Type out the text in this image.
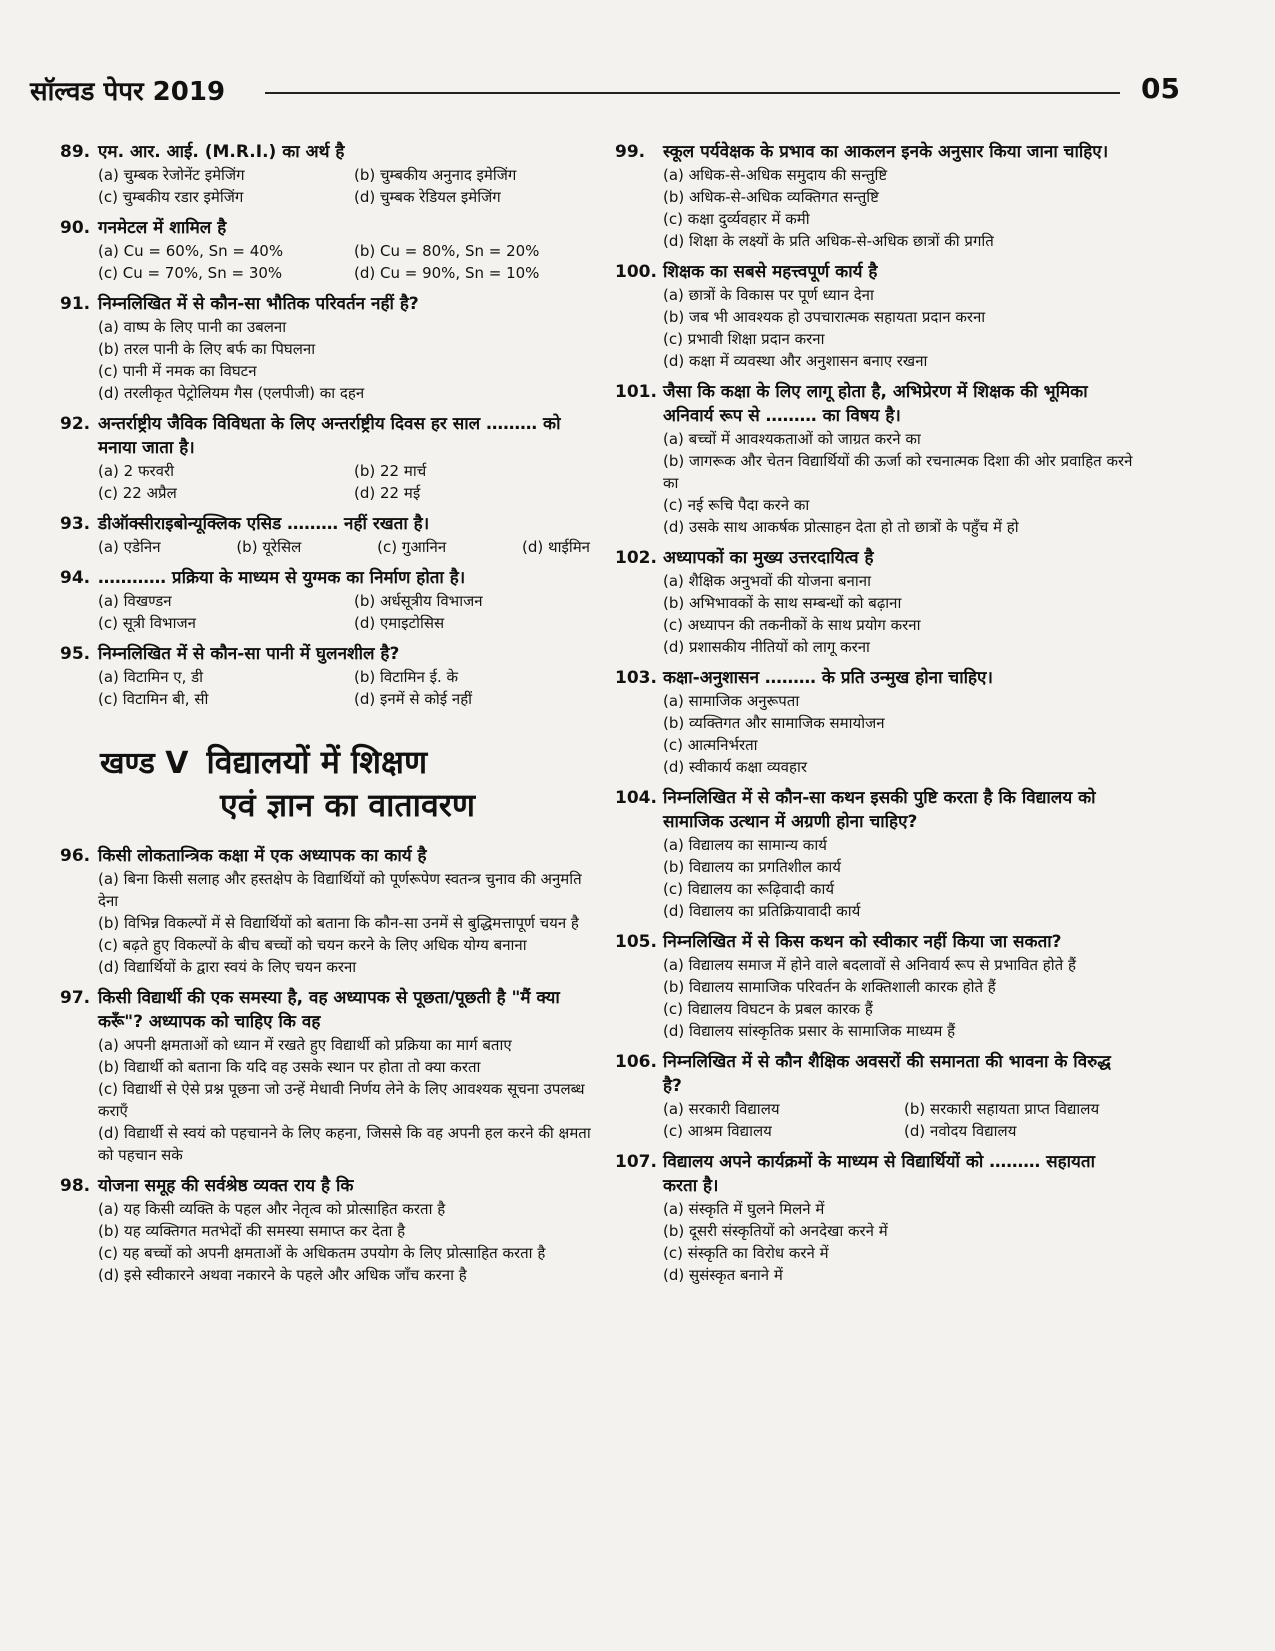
सॉल्वड पेपर 2019	05
89. एम. आर. आई. (M.R.I.) का अर्थ है
(a) चुम्बक रेजोनेंट इमेजिंग	(b) चुम्बकीय अनुनाद इमेजिंग
(c) चुम्बकीय रडार इमेजिंग	(d) चुम्बक रेडियल इमेजिंग
90. गनमेटल में शामिल है
(a) Cu = 60%, Sn = 40%	(b) Cu = 80%, Sn = 20%
(c) Cu = 70%, Sn = 30%	(d) Cu = 90%, Sn = 10%
91. निम्नलिखित में से कौन-सा भौतिक परिवर्तन नहीं है?
(a) वाष्प के लिए पानी का उबलना
(b) तरल पानी के लिए बर्फ का पिघलना
(c) पानी में नमक का विघटन
(d) तरलीकृत पेट्रोलियम गैस (एलपीजी) का दहन
92. अन्तर्राष्ट्रीय जैविक विविधता के लिए अन्तर्राष्ट्रीय दिवस हर साल ……… को मनाया जाता है।
(a) 2 फरवरी	(b) 22 मार्च
(c) 22 अप्रैल	(d) 22 मई
93. डीऑक्सीराइबोन्यूक्लिक एसिड ……… नहीं रखता है।
(a) एडेनिन	(b) यूरेसिल	(c) गुआनिन	(d) थाईमिन
94. ………… प्रक्रिया के माध्यम से युग्मक का निर्माण होता है।
(a) विखण्डन	(b) अर्धसूत्रीय विभाजन
(c) सूत्री विभाजन	(d) एमाइटोसिस
95. निम्नलिखित में से कौन-सा पानी में घुलनशील है?
(a) विटामिन ए, डी	(b) विटामिन ई. के
(c) विटामिन बी, सी	(d) इनमें से कोई नहीं
खण्ड V विद्यालयों में शिक्षण
एवं ज्ञान का वातावरण
96. किसी लोकतान्त्रिक कक्षा में एक अध्यापक का कार्य है
(a) बिना किसी सलाह और हस्तक्षेप के विद्यार्थियों को पूर्णरूपेण स्वतन्त्र चुनाव की अनुमति देना
(b) विभिन्न विकल्पों में से विद्यार्थियों को बताना कि कौन-सा उनमें से बुद्धिमत्तापूर्ण चयन है
(c) बढ़ते हुए विकल्पों के बीच बच्चों को चयन करने के लिए अधिक योग्य बनाना
(d) विद्यार्थियों के द्वारा स्वयं के लिए चयन करना
97. किसी विद्यार्थी की एक समस्या है, वह अध्यापक से पूछता/पूछती है "मैं क्या करूँ"? अध्यापक को चाहिए कि वह
(a) अपनी क्षमताओं को ध्यान में रखते हुए विद्यार्थी को प्रक्रिया का मार्ग बताए
(b) विद्यार्थी को बताना कि यदि वह उसके स्थान पर होता तो क्या करता
(c) विद्यार्थी से ऐसे प्रश्न पूछना जो उन्हें मेधावी निर्णय लेने के लिए आवश्यक सूचना उपलब्ध कराएँ
(d) विद्यार्थी से स्वयं को पहचानने के लिए कहना, जिससे कि वह अपनी हल करने की क्षमता को पहचान सके
98. योजना समूह की सर्वश्रेष्ठ व्यक्त राय है कि
(a) यह किसी व्यक्ति के पहल और नेतृत्व को प्रोत्साहित करता है
(b) यह व्यक्तिगत मतभेदों की समस्या समाप्त कर देता है
(c) यह बच्चों को अपनी क्षमताओं के अधिकतम उपयोग के लिए प्रोत्साहित करता है
(d) इसे स्वीकारने अथवा नकारने के पहले और अधिक जाँच करना है
99.	स्कूल पर्यवेक्षक के प्रभाव का आकलन इनके अनुसार किया जाना चाहिए।
(a) अधिक-से-अधिक समुदाय की सन्तुष्टि
(b) अधिक-से-अधिक व्यक्तिगत सन्तुष्टि
(c) कक्षा दुर्व्यवहार में कमी
(d) शिक्षा के लक्ष्यों के प्रति अधिक-से-अधिक छात्रों की प्रगति
100. शिक्षक का सबसे महत्त्वपूर्ण कार्य है
(a) छात्रों के विकास पर पूर्ण ध्यान देना
(b) जब भी आवश्यक हो उपचारात्मक सहायता प्रदान करना
(c) प्रभावी शिक्षा प्रदान करना
(d) कक्षा में व्यवस्था और अनुशासन बनाए रखना
101. जैसा कि कक्षा के लिए लागू होता है, अभिप्रेरण में शिक्षक की भूमिका अनिवार्य रूप से ……… का विषय है।
(a) बच्चों में आवश्यकताओं को जाग्रत करने का
(b) जागरूक और चेतन विद्यार्थियों की ऊर्जा को रचनात्मक दिशा की ओर प्रवाहित करने का
(c) नई रूचि पैदा करने का
(d) उसके साथ आकर्षक प्रोत्साहन देता हो तो छात्रों के पहुँच में हो
102. अध्यापकों का मुख्य उत्तरदायित्व है
(a) शैक्षिक अनुभवों की योजना बनाना
(b) अभिभावकों के साथ सम्बन्धों को बढ़ाना
(c) अध्यापन की तकनीकों के साथ प्रयोग करना
(d) प्रशासकीय नीतियों को लागू करना
103. कक्षा-अनुशासन ……… के प्रति उन्मुख होना चाहिए।
(a) सामाजिक अनुरूपता
(b) व्यक्तिगत और सामाजिक समायोजन
(c) आत्मनिर्भरता
(d) स्वीकार्य कक्षा व्यवहार
104. निम्नलिखित में से कौन-सा कथन इसकी पुष्टि करता है कि विद्यालय को सामाजिक उत्थान में अग्रणी होना चाहिए?
(a) विद्यालय का सामान्य कार्य
(b) विद्यालय का प्रगतिशील कार्य
(c) विद्यालय का रूढ़िवादी कार्य
(d) विद्यालय का प्रतिक्रियावादी कार्य
105. निम्नलिखित में से किस कथन को स्वीकार नहीं किया जा सकता?
(a) विद्यालय समाज में होने वाले बदलावों से अनिवार्य रूप से प्रभावित होते हैं
(b) विद्यालय सामाजिक परिवर्तन के शक्तिशाली कारक होते हैं
(c) विद्यालय विघटन के प्रबल कारक हैं
(d) विद्यालय सांस्कृतिक प्रसार के सामाजिक माध्यम हैं
106. निम्नलिखित में से कौन शैक्षिक अवसरों की समानता की भावना के विरुद्ध है?
(a) सरकारी विद्यालय	(b) सरकारी सहायता प्राप्त विद्यालय
(c) आश्रम विद्यालय	(d) नवोदय विद्यालय
107. विद्यालय अपने कार्यक्रमों के माध्यम से विद्यार्थियों को ……… सहायता करता है।
(a) संस्कृति में घुलने मिलने में
(b) दूसरी संस्कृतियों को अनदेखा करने में
(c) संस्कृति का विरोध करने में
(d) सुसंस्कृत बनाने में
